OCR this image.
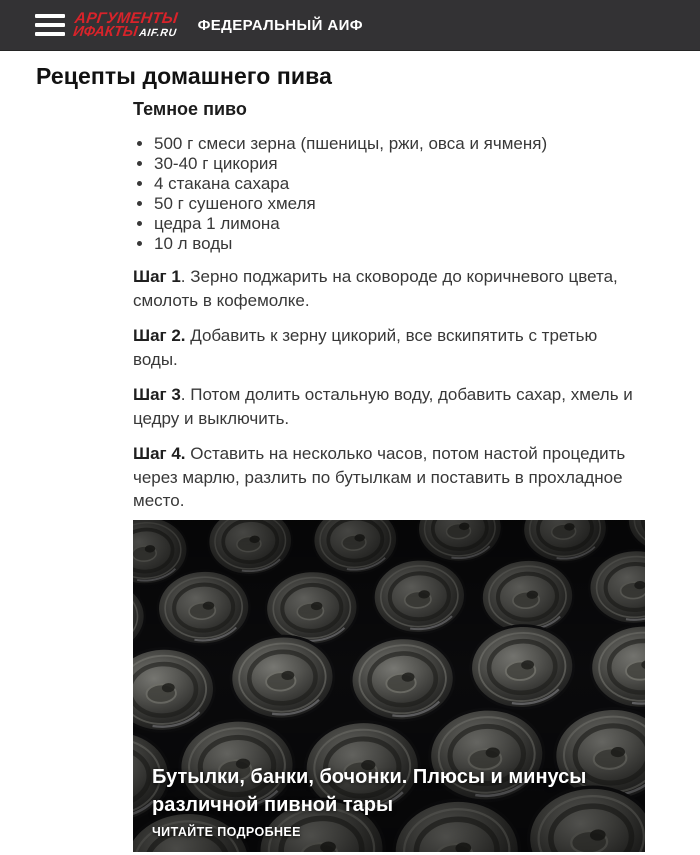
АРГУМЕНТЫ
ИФАКТЫAIF.RU ФЕДЕРАЛЬНЫЙ АИФ
Рецепты домашнего пива
Темное пиво
• 500 г смеси зерна (пшеницы, ржи, овса и ячменя)
• 30-40 г цикория
• 4 стакана сахара
• 50 г сушеного хмеля
• цедра 1 лимона
• 10 л воды

Шаг 1. Зерно поджарить на сковороде до коричневого цвета, смолоть в кофемолке.

Шаг 2. Добавить к зерну цикорий, все вскипятить с третью воды.

Шаг 3. Потом долить остальную воду, добавить сахар, хмель и цедру и выключить.

Шаг 4. Оставить на несколько часов, потом настой процедить через марлю, разлить по бутылкам и поставить в прохладное место.

Бутылки, банки, бочонки. Плюсы и минусы различной пивной тары
ЧИТАЙТЕ ПОДРОБНЕЕ
